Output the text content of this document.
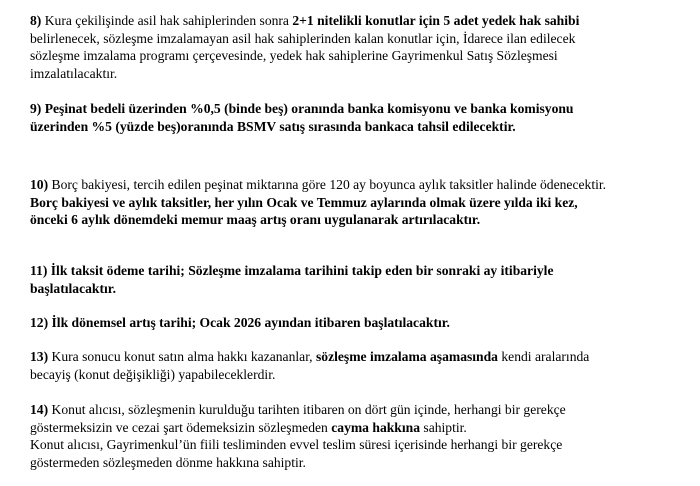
8) Kura çekilişinde asil hak sahiplerinden sonra 2+1 nitelikli konutlar için 5 adet yedek hak sahibi
belirlenecek, sözleşme imzalamayan asil hak sahiplerinden kalan konutlar için, İdarece ilan edilecek
sözleşme imzalama programı çerçevesinde, yedek hak sahiplerine Gayrimenkul Satış Sözleşmesi
imzalatılacaktır.
9) Peşinat bedeli üzerinden %0,5 (binde beş) oranında banka komisyonu ve banka komisyonu
üzerinden %5 (yüzde beş)oranında BSMV satış sırasında bankaca tahsil edilecektir.
10) Borç bakiyesi, tercih edilen peşinat miktarına göre 120 ay boyunca aylık taksitler halinde ödenecektir.
Borç bakiyesi ve aylık taksitler, her yılın Ocak ve Temmuz aylarında olmak üzere yılda iki kez,
önceki 6 aylık dönemdeki memur maaş artış oranı uygulanarak artırılacaktır.
11) İlk taksit ödeme tarihi; Sözleşme imzalama tarihini takip eden bir sonraki ay itibariyle
başlatılacaktır.
12) İlk dönemsel artış tarihi; Ocak 2026 ayından itibaren başlatılacaktır.
13) Kura sonucu konut satın alma hakkı kazananlar, sözleşme imzalama aşamasında kendi aralarında
becayiş (konut değişikliği) yapabileceklerdir.
14) Konut alıcısı, sözleşmenin kurulduğu tarihten itibaren on dört gün içinde, herhangi bir gerekçe
göstermeksizin ve cezai şart ödemeksizin sözleşmeden cayma hakkına sahiptir.
Konut alıcısı, Gayrimenkul’ün fiili tesliminden evvel teslim süresi içerisinde herhangi bir gerekçe
göstermeden sözleşmeden dönme hakkına sahiptir.
